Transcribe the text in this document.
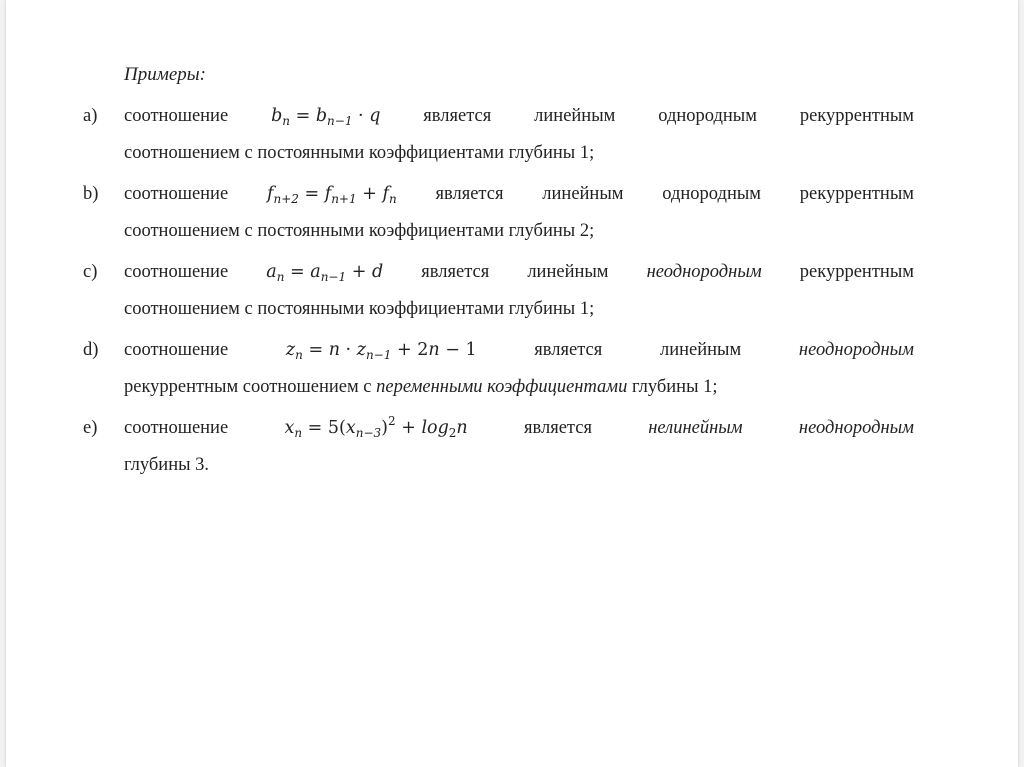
Примеры:
a) соотношение $b_n = b_{n-1} \cdot q$ является линейным однородным рекуррентным
соотношением с постоянными коэффициентами глубины 1;
b) соотношение $f_{n+2} = f_{n+1} + f_n$ является линейным однородным рекуррентным
соотношением с постоянными коэффициентами глубины 2;
c) соотношение $a_n = a_{n-1} + d$ является линейным неоднородным рекуррентным
соотношением с постоянными коэффициентами глубины 1;
d) соотношение	$z_n = n \cdot z_{n-1} + 2n - 1$	является	линейным	неоднородным
рекуррентным соотношением с переменными коэффициентами глубины 1;
e) соотношение	$x_n = 5(x_{n-3})^2 + \log_2n$	является	нелинейным	неоднородным
глубины 3.
